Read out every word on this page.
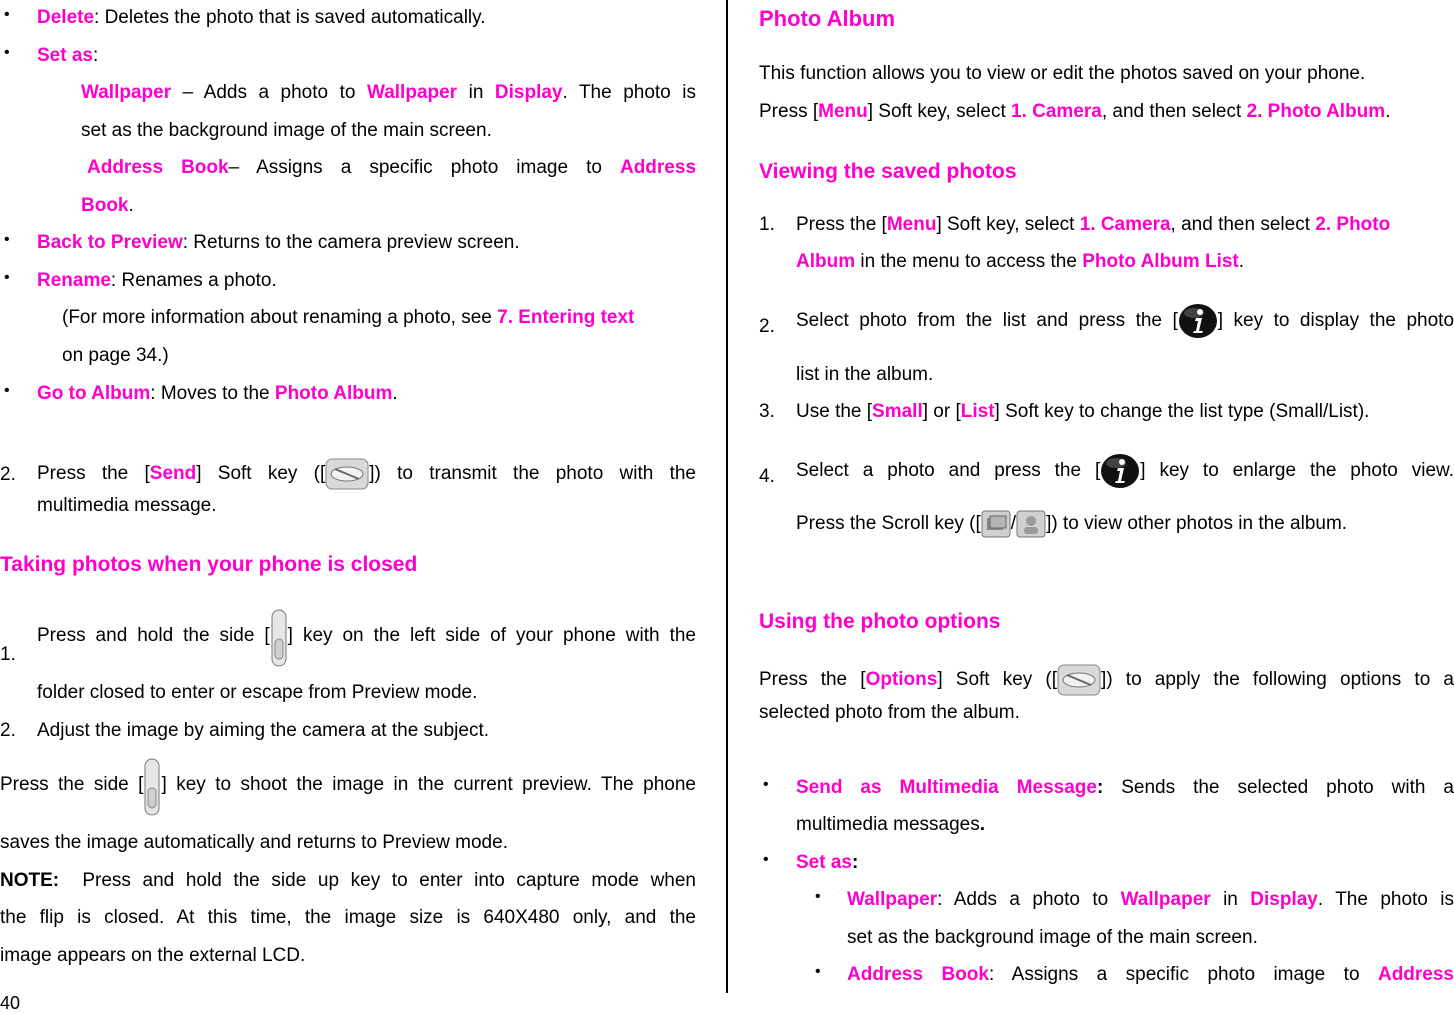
• Delete: Deletes the photo that is saved automatically.
• Set as:
Wallpaper – Adds a photo to Wallpaper in Display. The photo is
set as the background image of the main screen.
Address Book– Assigns a specific photo image to Address
Book.
• Back to Preview: Returns to the camera preview screen.
• Rename: Renames a photo.
(For more information about renaming a photo, see 7. Entering text
on page 34.)
• Go to Album: Moves to the Photo Album.
2. Press the [Send] Soft key ([ ]) to transmit the photo with the
multimedia message.
Taking photos when your phone is closed
1.
Press and hold the side [ ] key on the left side of your phone with the
folder closed to enter or escape from Preview mode.
2. Adjust the image by aiming the camera at the subject.
Press the side [ ] key to shoot the image in the current preview. The phone
saves the image automatically and returns to Preview mode.
NOTE: Press and hold the side up key to enter into capture mode when
the flip is closed. At this time, the image size is 640X480 only, and the
image appears on the external LCD.
40
Photo Album
This function allows you to view or edit the photos saved on your phone.
Press [Menu] Soft key, select 1. Camera, and then select 2. Photo Album.
Viewing the saved photos
1. Press the [Menu] Soft key, select 1. Camera, and then select 2. Photo
Album in the menu to access the Photo Album List.
2. Select photo from the list and press the [ ] key to display the photo
list in the album.
3. Use the [Small] or [List] Soft key to change the list type (Small/List).
4. Select a photo and press the [ ] key to enlarge the photo view.
Press the Scroll key ([ / ]) to view other photos in the album.
Using the photo options
Press the [Options] Soft key ([ ]) to apply the following options to a
selected photo from the album.
• Send as Multimedia Message: Sends the selected photo with a
multimedia messages.
• Set as:
• Wallpaper: Adds a photo to Wallpaper in Display. The photo is
set as the background image of the main screen.
• Address Book: Assigns a specific photo image to Address
